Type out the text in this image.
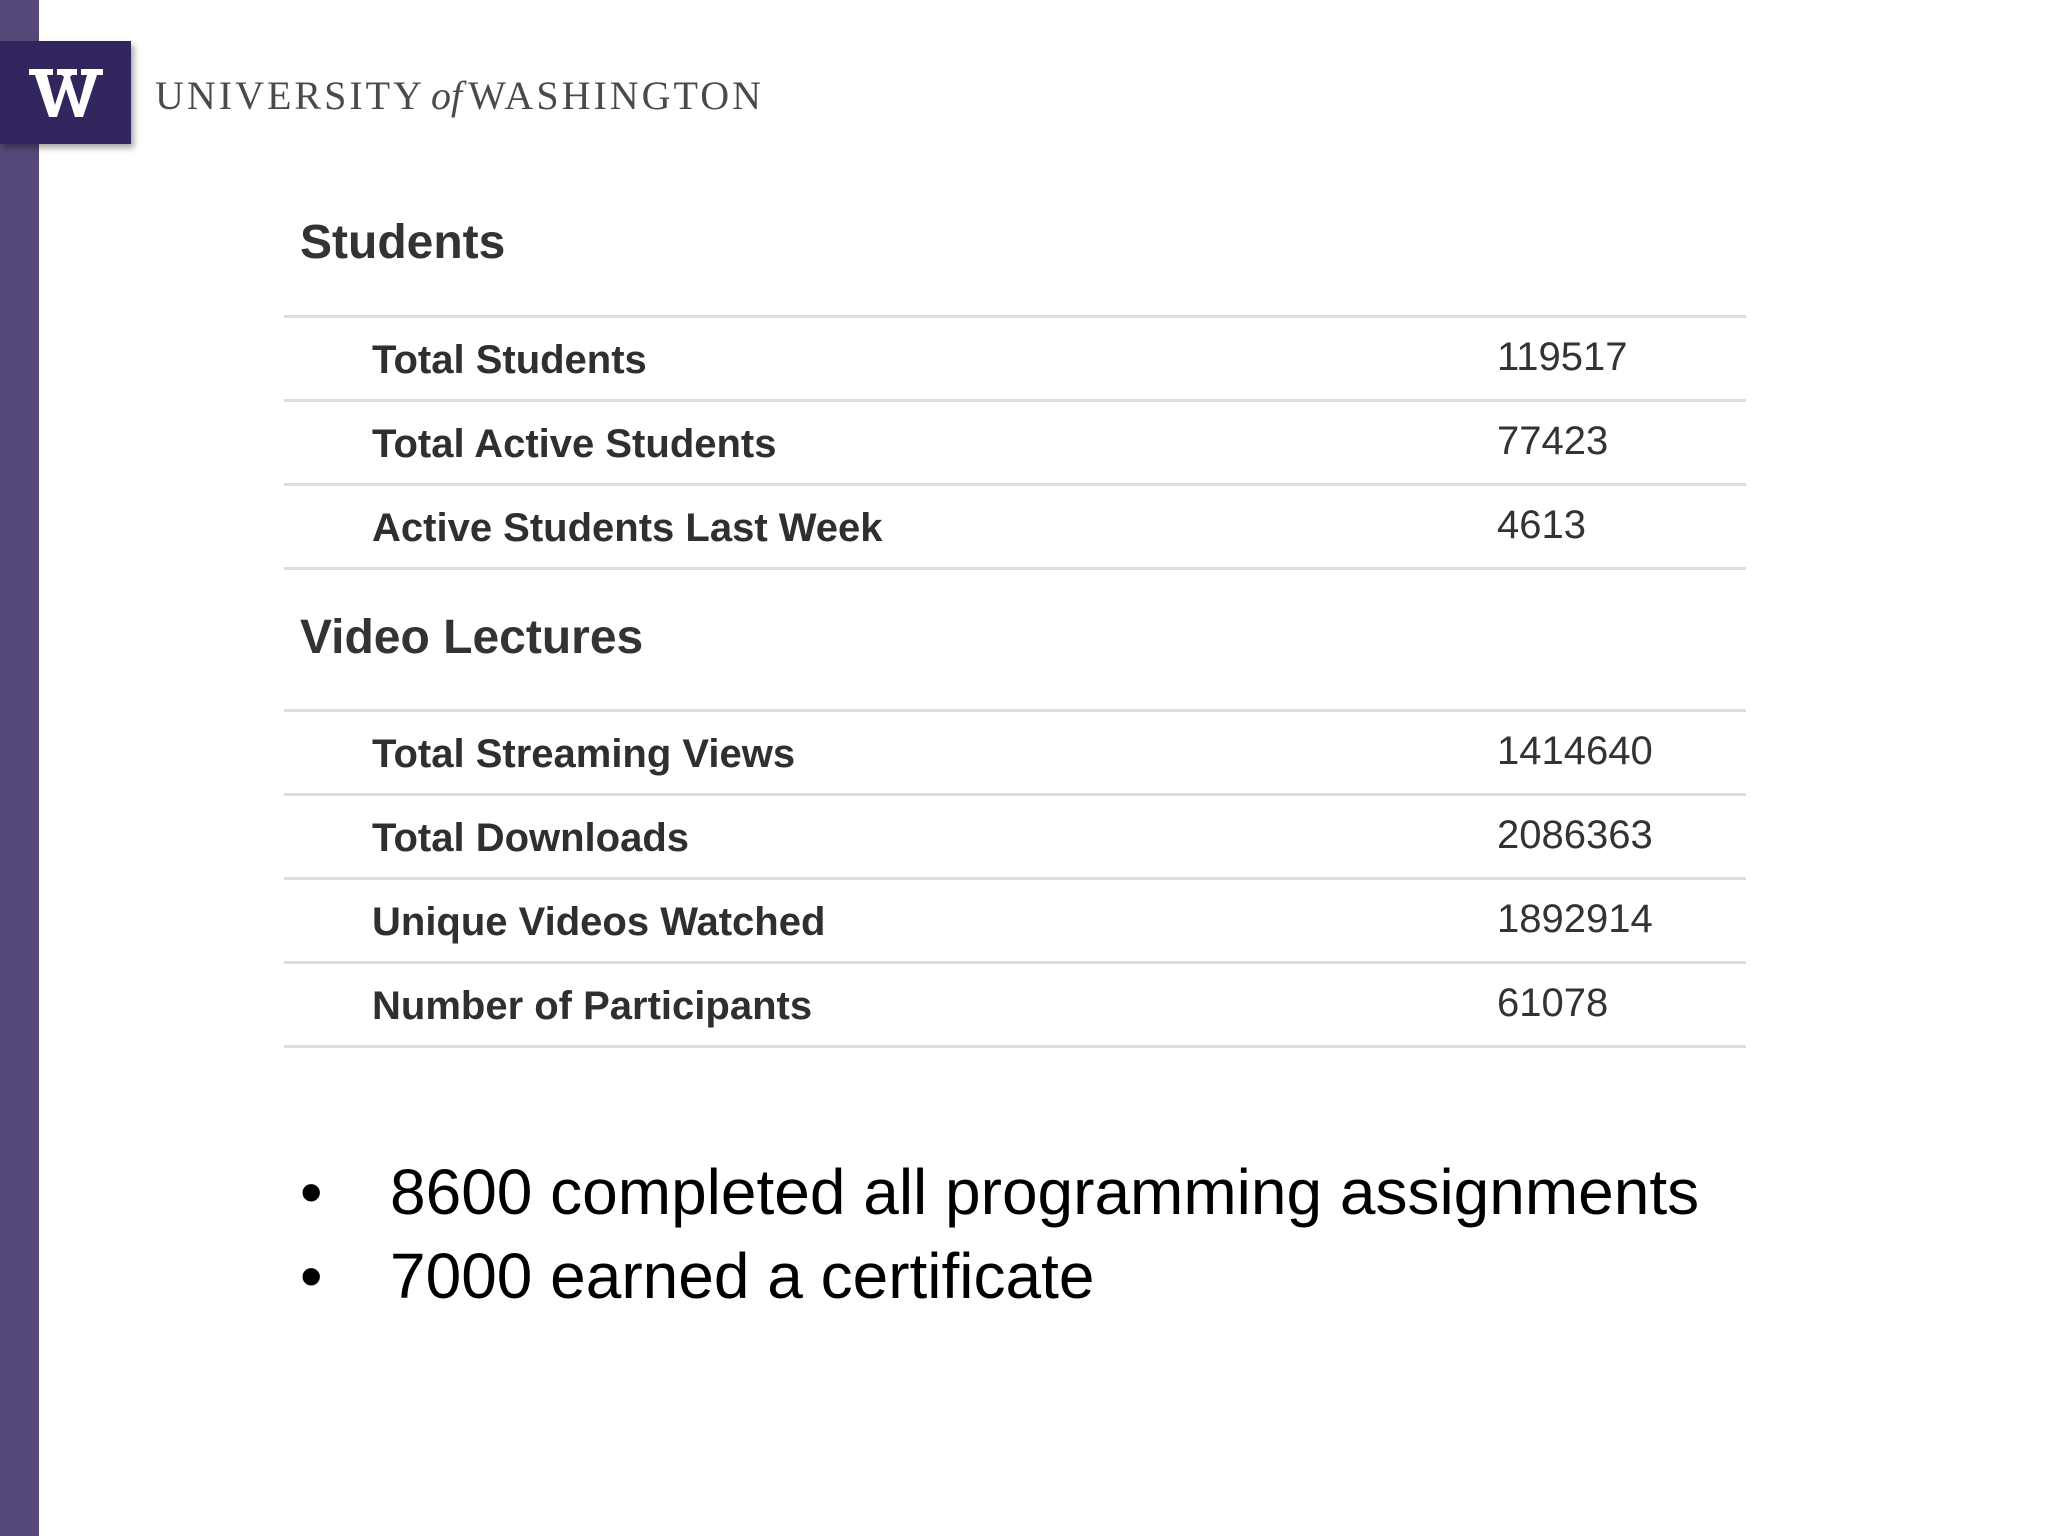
UNIVERSITY of WASHINGTON
Students
Total Students	119517
Total Active Students	77423
Active Students Last Week	4613
Video Lectures
Total Streaming Views	1414640
Total Downloads	2086363
Unique Videos Watched	1892914
Number of Participants	61078
• 8600 completed all programming assignments
• 7000 earned a certificate
